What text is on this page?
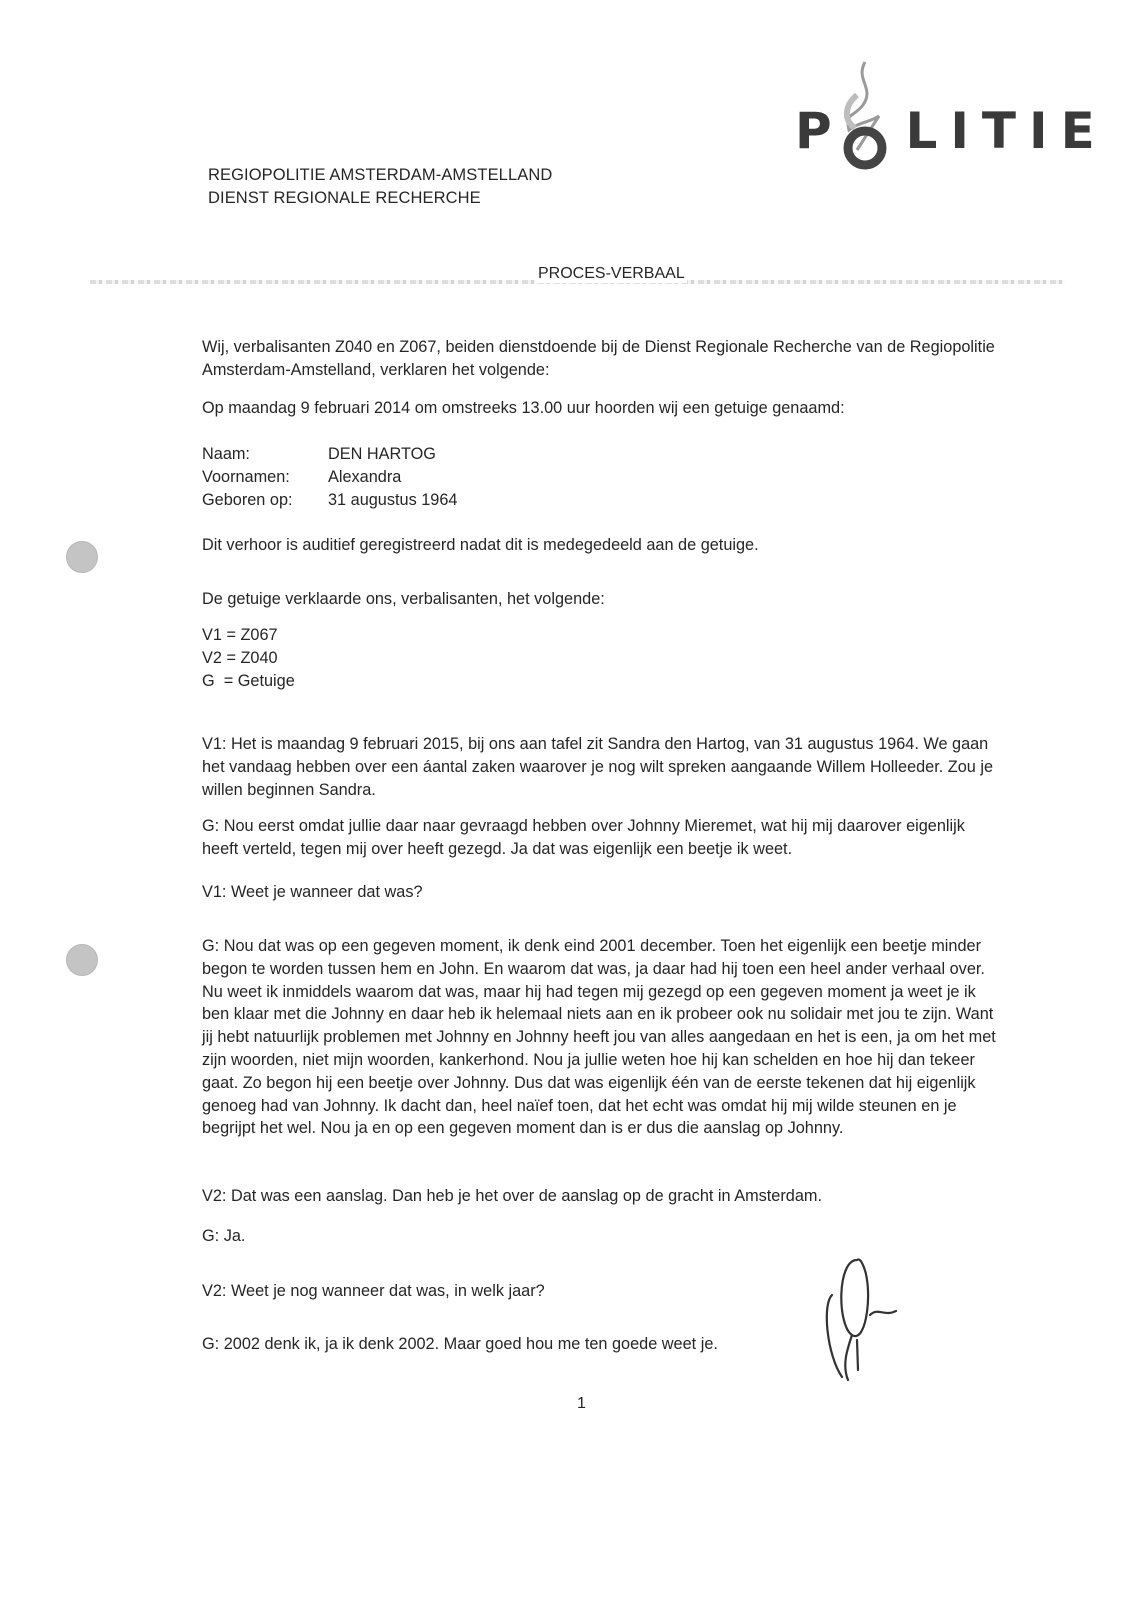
P  LITIE
REGIOPOLITIE AMSTERDAM-AMSTELLAND
DIENST REGIONALE RECHERCHE
PROCES-VERBAAL

Wij, verbalisanten Z040 en Z067, beiden dienstdoende bij de Dienst Regionale Recherche van de Regiopolitie Amsterdam-Amstelland, verklaren het volgende:

Op maandag 9 februari 2014 om omstreeks 13.00 uur hoorden wij een getuige genaamd:

Naam:	DEN HARTOG
Voornamen:	Alexandra
Geboren op:	31 augustus 1964

Dit verhoor is auditief geregistreerd nadat dit is medegedeeld aan de getuige.

De getuige verklaarde ons, verbalisanten, het volgende:

V1 = Z067
V2 = Z040
G  = Getuige

V1: Het is maandag 9 februari 2015, bij ons aan tafel zit Sandra den Hartog, van 31 augustus 1964. We gaan het vandaag hebben over een áantal zaken waarover je nog wilt spreken aangaande Willem Holleeder. Zou je willen beginnen Sandra.

G: Nou eerst omdat jullie daar naar gevraagd hebben over Johnny Mieremet, wat hij mij daarover eigenlijk heeft verteld, tegen mij over heeft gezegd. Ja dat was eigenlijk een beetje ik weet.

V1: Weet je wanneer dat was?

G: Nou dat was op een gegeven moment, ik denk eind 2001 december. Toen het eigenlijk een beetje minder begon te worden tussen hem en John. En waarom dat was, ja daar had hij toen een heel ander verhaal over. Nu weet ik inmiddels waarom dat was, maar hij had tegen mij gezegd op een gegeven moment ja weet je ik ben klaar met die Johnny en daar heb ik helemaal niets aan en ik probeer ook nu solidair met jou te zijn. Want jij hebt natuurlijk problemen met Johnny en Johnny heeft jou van alles aangedaan en het is een, ja om het met zijn woorden, niet mijn woorden, kankerhond. Nou ja jullie weten hoe hij kan schelden en hoe hij dan tekeer gaat. Zo begon hij een beetje over Johnny. Dus dat was eigenlijk één van de eerste tekenen dat hij eigenlijk genoeg had van Johnny. Ik dacht dan, heel naïef toen, dat het echt was omdat hij mij wilde steunen en je begrijpt het wel. Nou ja en op een gegeven moment dan is er dus die aanslag op Johnny.

V2: Dat was een aanslag. Dan heb je het over de aanslag op de gracht in Amsterdam.

G: Ja.

V2: Weet je nog wanneer dat was, in welk jaar?

G: 2002 denk ik, ja ik denk 2002. Maar goed hou me ten goede weet je.

1
